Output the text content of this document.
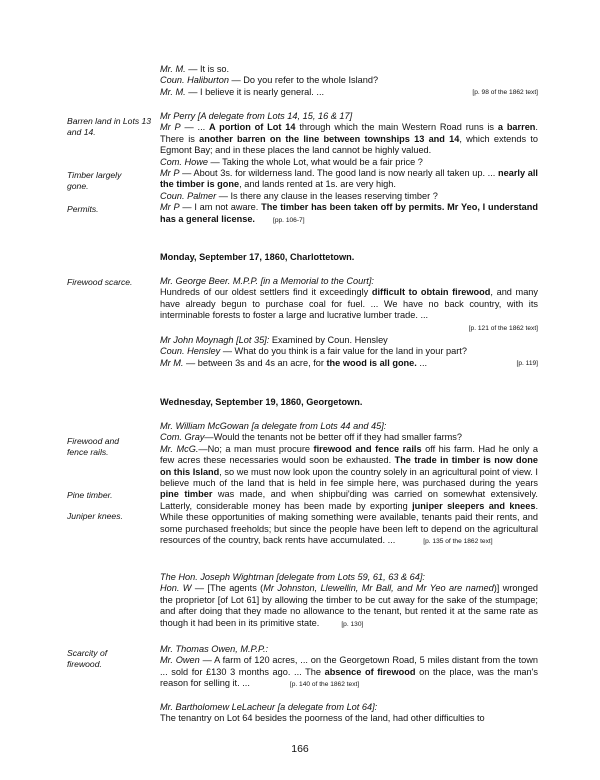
Barren land in Lots 13 and 14.
Timber largely gone.
Permits.
Firewood scarce.
Firewood and fence rails.
Pine timber.
Juniper knees.
Scarcity of firewood.

Mr. M. — It is so.

Coun. Haliburton — Do you refer to the whole Island?

[p. 98 of the 1862 text]
Mr. M. — I believe it is nearly general. ...

Mr Perry [A delegate from Lots 14, 15, 16 & 17]

Mr P — ... A portion of Lot 14 through which the main Western Road runs is a barren. There is another barren on the line between townships 13 and 14, which extends to Egmont Bay; and in these places the land cannot be highly valued.

Com. Howe — Taking the whole Lot, what would be a fair price ?

Mr P — About 3s. for wilderness land. The good land is now nearly all taken up. ... nearly all the timber is gone, and lands rented at 1s. are very high.

Coun. Palmer — Is there any clause in the leases reserving timber ?

Mr P — I am not aware. The timber has been taken off by permits. Mr Yeo, I understand has a general license.	[pp. 106-7]

Monday, September 17, 1860, Charlottetown.

Mr. George Beer. M.P.P. [in a Memorial to the Court]:

Hundreds of our oldest settlers find it exceedingly difficult to obtain firewood, and many have already begun to purchase coal for fuel. ... We have no back country, with its interminable forests to foster a large and lucrative lumber trade. ...

[p. 121 of the 1862 text]

Mr John Moynagh [Lot 35]: Examined by Coun. Hensley

Coun. Hensley — What do you think is a fair value for the land in your part?

[p. 119]
Mr M. — between 3s and 4s an acre, for the wood is all gone. ...

Wednesday, September 19, 1860, Georgetown.

Mr. William McGowan [a delegate from Lots 44 and 45]:

Com. Gray—Would the tenants not be better off if they had smaller farms?

Mr. McG.—No; a man must procure firewood and fence rails off his farm. Had he only a few acres these necessaries would soon be exhausted. The trade in timber is now done on this Island, so we must now look upon the country solely in an agricultural point of view. I believe much of the land that is held in fee simple here, was purchased during the years pine timber was made, and when shipbui'ding was carried on somewhat extensively. Latterly, considerable money has been made by exporting juniper sleepers and knees. While these opportunities of making something were available, tenants paid their rents, and some purchased freeholds; but since the people have been left to depend on the agricultural resources of the country, back rents have accumulated. ...	[p. 135 of the 1862 text]

The Hon. Joseph Wightman [delegate from Lots 59, 61, 63 & 64]:

Hon. W — [The agents (Mr Johnston, Llewellin, Mr Ball, and Mr Yeo are named)] wronged the proprietor [of Lot 61] by allowing the timber to be cut away for the sake of the stumpage; and after doing that they made no allowance to the tenant, but rented it at the same rate as though it had been in its primitive state.	[p. 130]

Mr. Thomas Owen, M.P.P.:

Mr. Owen — A farm of 120 acres, ... on the Georgetown Road, 5 miles distant from the town ... sold for £130 3 months ago. ... The absence of firewood on the place, was the man's reason for selling it. ...	[p. 140 of the 1862 text]

Mr. Bartholomew LeLacheur [a delegate from Lot 64]:

The tenantry on Lot 64 besides the poorness of the land, had other difficulties to

166
